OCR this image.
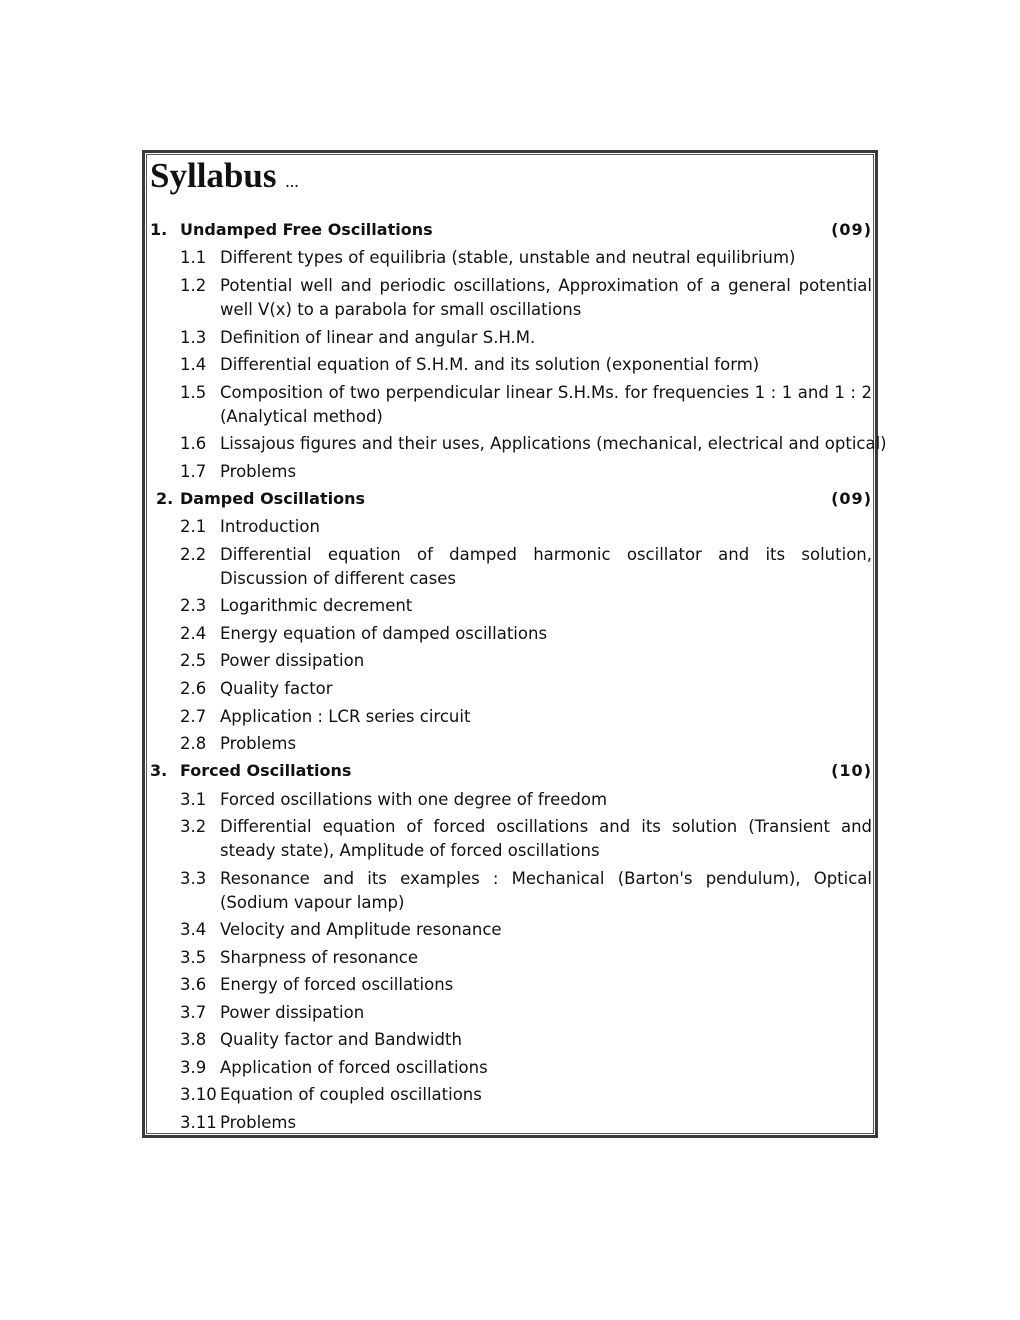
Syllabus ...
1. Undamped Free Oscillations	(09)
1.1 Different types of equilibria (stable, unstable and neutral equilibrium)
1.2 Potential well and periodic oscillations, Approximation of a general potential well V(x) to a parabola for small oscillations
1.3 Definition of linear and angular S.H.M.
1.4 Differential equation of S.H.M. and its solution (exponential form)
1.5 Composition of two perpendicular linear S.H.Ms. for frequencies 1 : 1 and 1 : 2 (Analytical method)
1.6 Lissajous figures and their uses, Applications (mechanical, electrical and optical)
1.7 Problems
2. Damped Oscillations	(09)
2.1 Introduction
2.2 Differential equation of damped harmonic oscillator and its solution, Discussion of different cases
2.3 Logarithmic decrement
2.4 Energy equation of damped oscillations
2.5 Power dissipation
2.6 Quality factor
2.7 Application : LCR series circuit
2.8 Problems
3. Forced Oscillations	(10)
3.1 Forced oscillations with one degree of freedom
3.2 Differential equation of forced oscillations and its solution (Transient and steady state), Amplitude of forced oscillations
3.3 Resonance and its examples : Mechanical (Barton's pendulum), Optical (Sodium vapour lamp)
3.4 Velocity and Amplitude resonance
3.5 Sharpness of resonance
3.6 Energy of forced oscillations
3.7 Power dissipation
3.8 Quality factor and Bandwidth
3.9 Application of forced oscillations
3.10 Equation of coupled oscillations
3.11 Problems
